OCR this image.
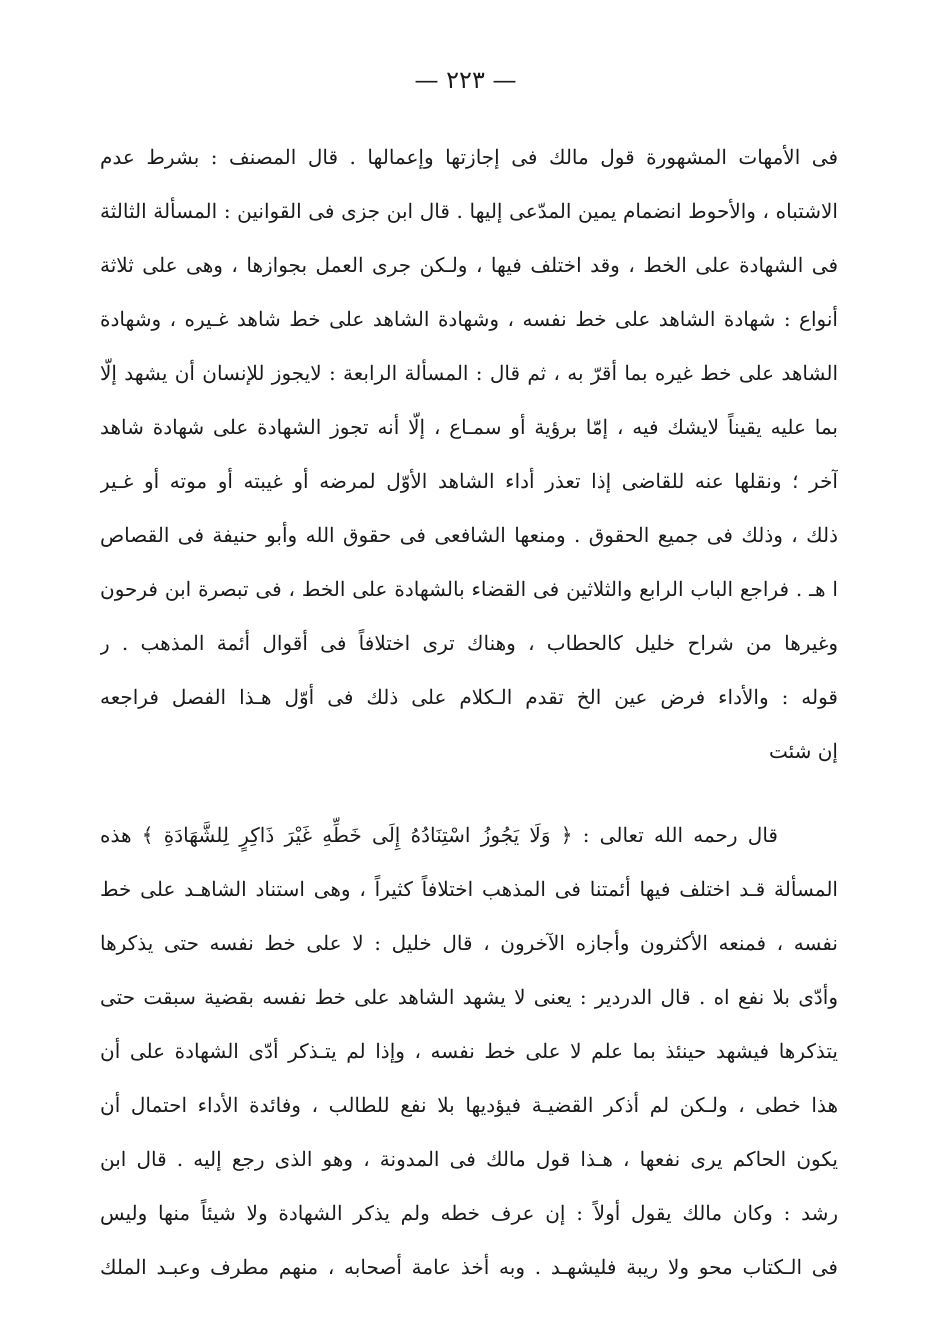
— ٢٢٣ —
فى الأمهات المشهورة قول مالك فى إجازتها وإعمالها . قال المصنف : بشرط عدم
الاشتباه ، والأحوط انضمام يمين المدّعى إليها . قال ابن جزى فى القوانين : المسألة الثالثة
فى الشهادة على الخط ، وقد اختلف فيها ، ولـكن جرى العمل بجوازها ، وهى على ثلاثة
أنواع : شهادة الشاهد على خط نفسه ، وشهادة الشاهد على خط شاهد غـيره ، وشهادة
الشاهد على خط غيره بما أقرّ به ، ثم قال : المسألة الرابعة : لايجوز للإنسان أن يشهد إلّا
بما عليه يقيناً لايشك فيه ، إمّا برؤية أو سمـاع ، إلّا أنه تجوز الشهادة على شهادة شاهد
آخر ؛ ونقلها عنه للقاضى إذا تعذر أداء الشاهد الأوّل لمرضه أو غيبته أو موته أو غـير
ذلك ، وذلك فى جميع الحقوق . ومنعها الشافعى فى حقوق الله وأبو حنيفة فى القصاص
ا هـ . فراجع الباب الرابع والثلاثين فى القضاء بالشهادة على الخط ، فى تبصرة ابن فرحون
وغيرها من شراح خليل كالحطاب ، وهناك ترى اختلافاً فى أقوال أئمة المذهب . ر
قوله : والأداء فرض عين الخ تقدم الـكلام على ذلك فى أوّل هـذا الفصل فراجعه
إن شئت
قال رحمه الله تعالى : ﴿ وَلَا يَجُوزُ اسْتِنَادُهُ إِلَى خَطِّهِ غَيْرَ ذَاكِرٍ لِلشَّهَادَةِ ﴾ هذه
المسألة قـد اختلف فيها أئمتنا فى المذهب اختلافاً كثيراً ، وهى استناد الشاهـد على خط
نفسه ، فمنعه الأكثرون وأجازه الآخرون ، قال خليل : لا على خط نفسه حتى يذكرها
وأدّى بلا نفع اه . قال الدردير : يعنى لا يشهد الشاهد على خط نفسه بقضية سبقت حتى
يتذكرها فيشهد حينئذ بما علم لا على خط نفسه ، وإذا لم يتـذكر أدّى الشهادة على أن
هذا خطى ، ولـكن لم أذكر القضيـة فيؤديها بلا نفع للطالب ، وفائدة الأداء احتمال أن
يكون الحاكم يرى نفعها ، هـذا قول مالك فى المدونة ، وهو الذى رجع إليه . قال ابن
رشد : وكان مالك يقول أولاً : إن عرف خطه ولم يذكر الشهادة ولا شيئاً منها وليس
فى الـكتاب محو ولا ريبة فليشهـد . وبه أخذ عامة أصحابه ، منهم مطرف وعبـد الملك
